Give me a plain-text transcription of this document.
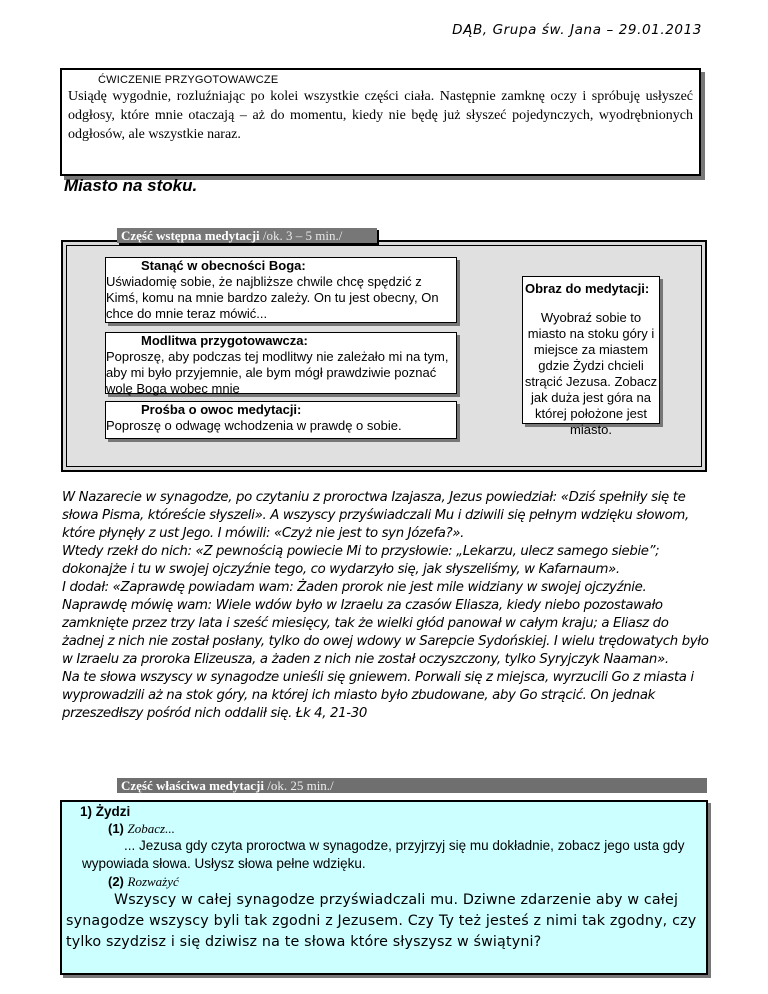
DĄB, Grupa św. Jana – 29.01.2013
ĆWICZENIE PRZYGOTOWAWCZE
Usiądę wygodnie, rozluźniając po kolei wszystkie części ciała. Następnie zamknę oczy i spróbuję usłyszeć odgłosy, które mnie otaczają – aż do momentu, kiedy nie będę już słyszeć pojedynczych, wyodrębnionych odgłosów, ale wszystkie naraz.
Miasto na stoku.
Stanąć w obecności Boga:
Uświadomię sobie, że najbliższe chwile chcę spędzić z Kimś, komu na mnie bardzo zależy. On tu jest obecny, On chce do mnie teraz mówić...
Modlitwa przygotowawcza:
Poproszę, aby podczas tej modlitwy nie zależało mi na tym, aby mi było przyjemnie, ale bym mógł prawdziwie poznać wolę Boga wobec mnie
Prośba o owoc medytacji:
Poproszę o odwagę wchodzenia w prawdę o sobie.
Obraz do medytacji:
Wyobraź sobie to miasto na stoku góry i miejsce za miastem gdzie Żydzi chcieli strącić Jezusa. Zobacz jak duża jest góra na której położone jest miasto.
Część wstępna medytacji /ok. 3 – 5 min./

W Nazarecie w synagodze, po czytaniu z proroctwa Izajasza, Jezus powiedział: «Dziś spełniły się te słowa Pisma, któreście słyszeli». A wszyscy przyświadczali Mu i dziwili się pełnym wdzięku słowom, które płynęły z ust Jego. I mówili: «Czyż nie jest to syn Józefa?».

Wtedy rzekł do nich: «Z pewnością powiecie Mi to przysłowie: „Lekarzu, ulecz samego siebie”; dokonajże i tu w swojej ojczyźnie tego, co wydarzyło się, jak słyszeliśmy, w Kafarnaum».

I dodał: «Zaprawdę powiadam wam: Żaden prorok nie jest mile widziany w swojej ojczyźnie. Naprawdę mówię wam: Wiele wdów było w Izraelu za czasów Eliasza, kiedy niebo pozostawało zamknięte przez trzy lata i sześć miesięcy, tak że wielki głód panował w całym kraju; a Eliasz do żadnej z nich nie został posłany, tylko do owej wdowy w Sarepcie Sydońskiej. I wielu trędowatych było w Izraelu za proroka Elizeusza, a żaden z nich nie został oczyszczony, tylko Syryjczyk Naaman».

Na te słowa wszyscy w synagodze unieśli się gniewem. Porwali się z miejsca, wyrzucili Go z miasta i wyprowadzili aż na stok góry, na której ich miasto było zbudowane, aby Go strącić. On jednak przeszedłszy pośród nich oddalił się. Łk 4, 21-30

Część właściwa medytacji /ok. 25 min./
1) Żydzi
(1) Zobacz...
... Jezusa gdy czyta proroctwa w synagodze, przyjrzyj się mu dokładnie, zobacz jego usta gdy wypowiada słowa. Usłysz słowa pełne wdzięku.
(2) Rozważyć
Wszyscy w całej synagodze przyświadczali mu. Dziwne zdarzenie aby w całej synagodze wszyscy byli tak zgodni z Jezusem. Czy Ty też jesteś z nimi tak zgodny, czy tylko szydzisz i się dziwisz na te słowa które słyszysz w świątyni?
